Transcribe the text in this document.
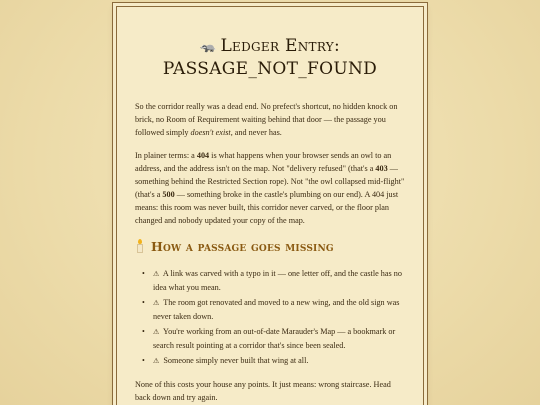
🦡 Ledger Entry:
PASSAGE_NOT_FOUND

So the corridor really was a dead end. No prefect's shortcut, no hidden knock on brick, no Room of Requirement waiting behind that door — the passage you followed simply doesn't exist, and never has.

In plainer terms: a 404 is what happens when your browser sends an owl to an address, and the address isn't on the map. Not "delivery refused" (that's a 403 — something behind the Restricted Section rope). Not "the owl collapsed mid-flight" (that's a 500 — something broke in the castle's plumbing on our end). A 404 just means: this room was never built, this corridor never carved, or the floor plan changed and nobody updated your copy of the map.

How a passage goes missing
• ⚠ A link was carved with a typo in it — one letter off, and the castle has no idea what you mean.
• ⚠ The room got renovated and moved to a new wing, and the old sign was never taken down.
• ⚠ You're working from an out-of-date Marauder's Map — a bookmark or search result pointing at a corridor that's since been sealed.
• ⚠ Someone simply never built that wing at all.

None of this costs your house any points. It just means: wrong staircase. Head back down and try again.
